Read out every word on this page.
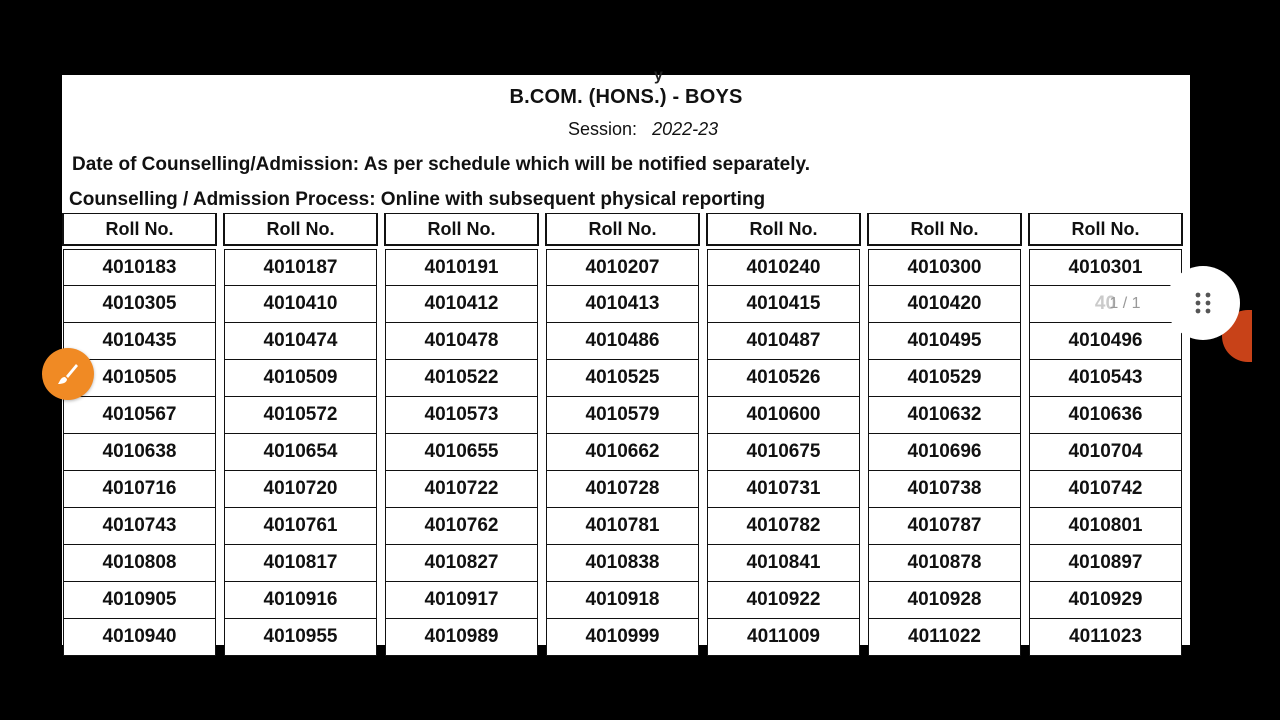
y
B.COM. (HONS.) - BOYS
Session: 2022-23
Date of Counselling/Admission: As per schedule which will be notified separately.
Counselling / Admission Process: Online with subsequent physical reporting
Roll No.
4010183
4010305
4010435
4010505
4010567
4010638
4010716
4010743
4010808
4010905
4010940
Roll No.
4010187
4010410
4010474
4010509
4010572
4010654
4010720
4010761
4010817
4010916
4010955
Roll No.
4010191
4010412
4010478
4010522
4010573
4010655
4010722
4010762
4010827
4010917
4010989
Roll No.
4010207
4010413
4010486
4010525
4010579
4010662
4010728
4010781
4010838
4010918
4010999
Roll No.
4010240
4010415
4010487
4010526
4010600
4010675
4010731
4010782
4010841
4010922
4011009
Roll No.
4010300
4010420
4010495
4010529
4010632
4010696
4010738
4010787
4010878
4010928
4011022
Roll No.
4010301
4010496
4010543
4010636
4010704
4010742
4010801
4010897
4010929
4011023
1 / 1
